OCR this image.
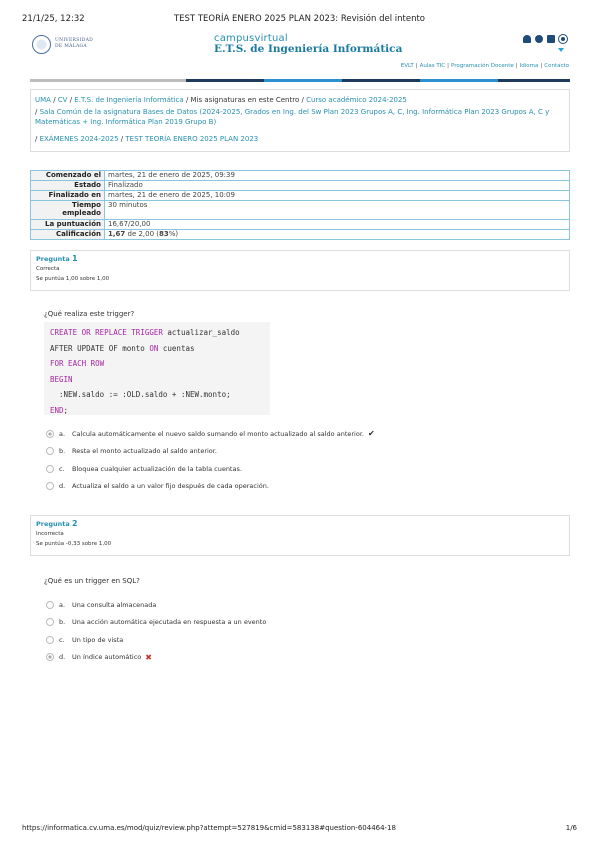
21/1/25, 12:32	TEST TEORÍA ENERO 2025 PLAN 2023: Revisión del intento
UNIVERSIDAD
DE MÁLAGA
campusvirtual
E.T.S. de Ingeniería Informática
EVLT | Aulas TIC | Programación Docente | Idioma | Contacto
UMA / CV / E.T.S. de Ingeniería Informática / Mis asignaturas en este Centro / Curso académico 2024-2025
/ Sala Común de la asignatura Bases de Datos (2024-2025, Grados en Ing. del Sw Plan 2023 Grupos A, C, Ing. Informática Plan 2023 Grupos A, C y Matemáticas + Ing. Informática Plan 2019 Grupo B)
/ EXÁMENES 2024-2025 / TEST TEORÍA ENERO 2025 PLAN 2023
Comenzado el	martes, 21 de enero de 2025, 09:39
Estado	Finalizado
Finalizado en	martes, 21 de enero de 2025, 10:09
Tiempo empleado	30 minutos
La puntuación	16,67/20,00
Calificación	1,67 de 2,00 (83%)
Pregunta 1
Correcta
Se puntúa 1,00 sobre 1,00
¿Qué realiza este trigger?
CREATE OR REPLACE TRIGGER actualizar_saldo
AFTER UPDATE OF monto ON cuentas
FOR EACH ROW
BEGIN
:NEW.saldo := :OLD.saldo + :NEW.monto;
END;
a.	Calcula automáticamente el nuevo saldo sumando el monto actualizado al saldo anterior. ✔
b.	Resta el monto actualizado al saldo anterior.
c.	Bloquea cualquier actualización de la tabla cuentas.
d.	Actualiza el saldo a un valor fijo después de cada operación.
Pregunta 2
Incorrecta
Se puntúa -0,33 sobre 1,00
¿Qué es un trigger en SQL?
a.	Una consulta almacenada
b.	Una acción automática ejecutada en respuesta a un evento
c.	Un tipo de vista
d.	Un índice automático ✖
https://informatica.cv.uma.es/mod/quiz/review.php?attempt=527819&cmid=583138#question-604464-18	1/6
